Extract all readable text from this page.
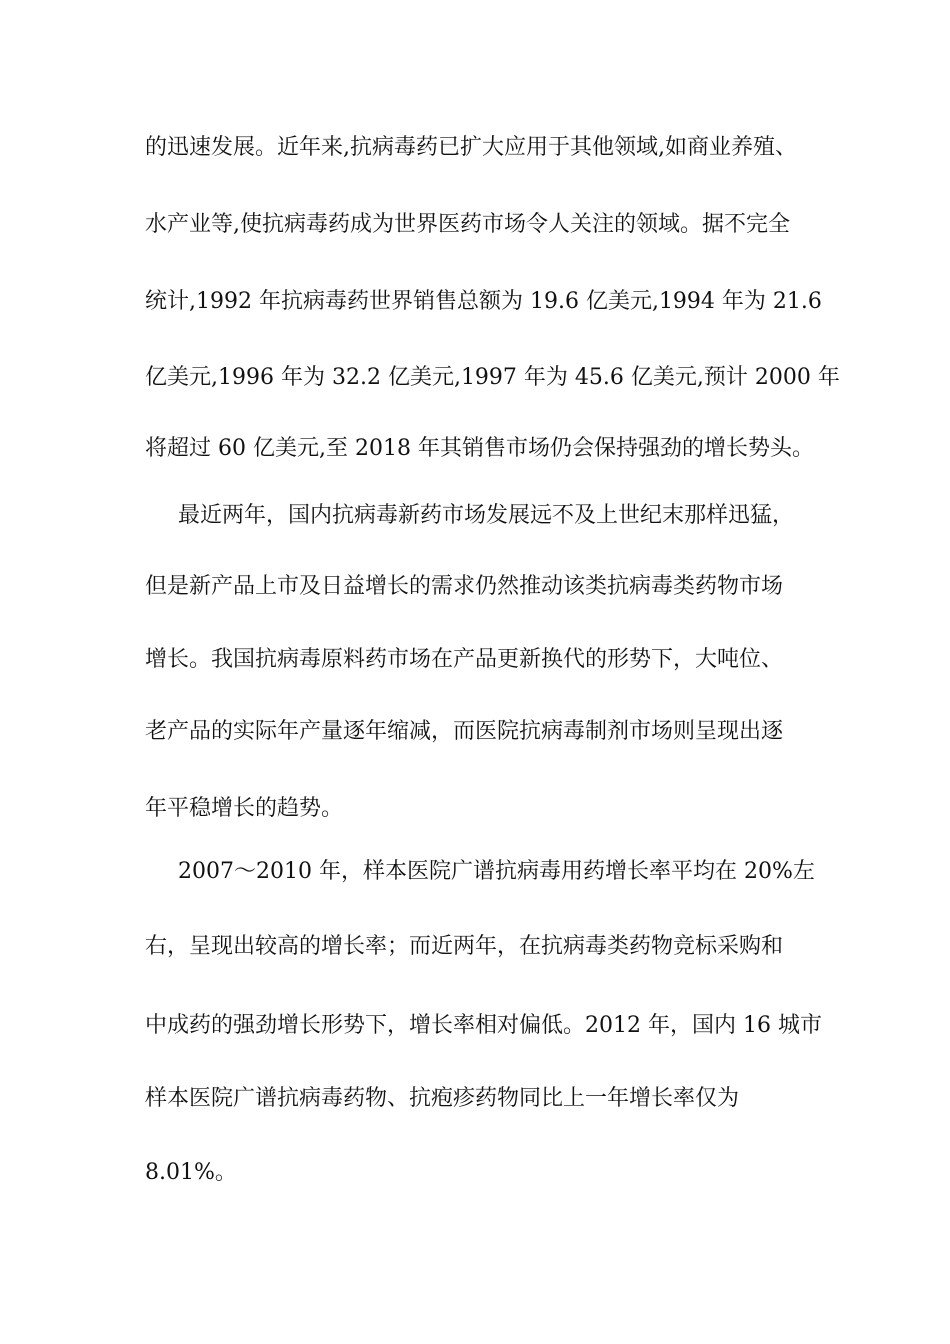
的迅速发展。近年来,抗病毒药已扩大应用于其他领域,如商业养殖、
水产业等,使抗病毒药成为世界医药市场令人关注的领域。据不完全
统计,1992 年抗病毒药世界销售总额为 19.6 亿美元,1994 年为 21.6
亿美元,1996 年为 32.2 亿美元,1997 年为 45.6 亿美元,预计 2000 年
将超过 60 亿美元,至 2018 年其销售市场仍会保持强劲的增长势头。
最近两年，国内抗病毒新药市场发展远不及上世纪末那样迅猛，
但是新产品上市及日益增长的需求仍然推动该类抗病毒类药物市场
增长。我国抗病毒原料药市场在产品更新换代的形势下，大吨位、
老产品的实际年产量逐年缩减，而医院抗病毒制剂市场则呈现出逐
年平稳增长的趋势。
2007～2010 年，样本医院广谱抗病毒用药增长率平均在 20%左
右，呈现出较高的增长率；而近两年，在抗病毒类药物竞标采购和
中成药的强劲增长形势下，增长率相对偏低。2012 年，国内 16 城市
样本医院广谱抗病毒药物、抗疱疹药物同比上一年增长率仅为
8.01%。
